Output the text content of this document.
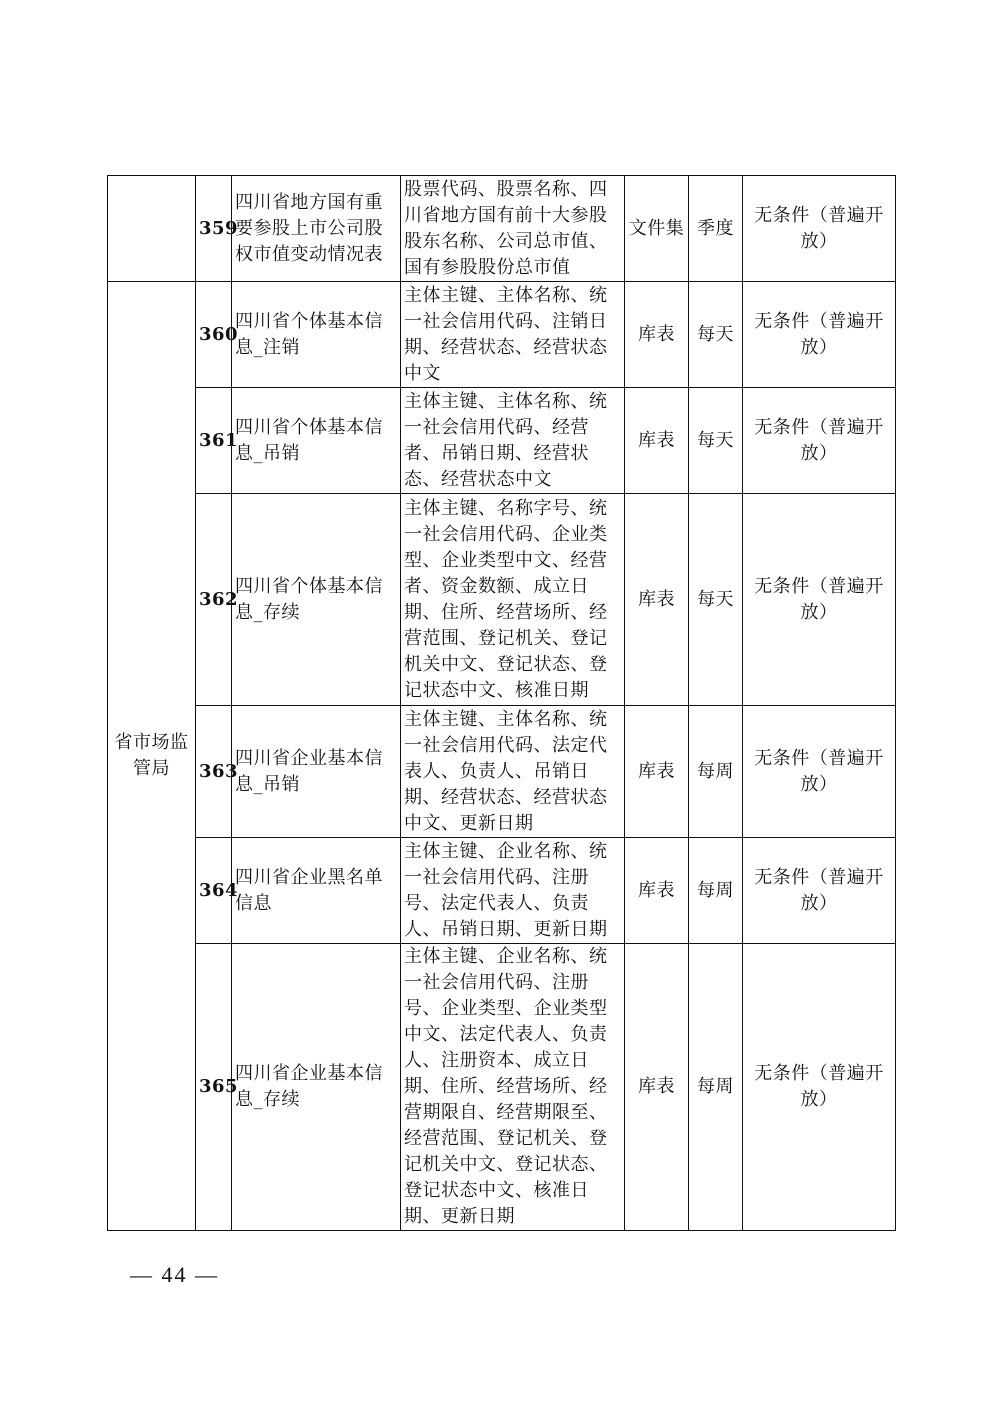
	359	四川省地方国有重要参股上市公司股权市值变动情况表	股票代码、股票名称、四川省地方国有前十大参股股东名称、公司总市值、国有参股股份总市值	文件集	季度	无条件（普遍开放）
省市场监管局	360	四川省个体基本信息_注销	主体主键、主体名称、统一社会信用代码、注销日期、经营状态、经营状态中文	库表	每天	无条件（普遍开放）
	361	四川省个体基本信息_吊销	主体主键、主体名称、统一社会信用代码、经营者、吊销日期、经营状态、经营状态中文	库表	每天	无条件（普遍开放）
	362	四川省个体基本信息_存续	主体主键、名称字号、统一社会信用代码、企业类型、企业类型中文、经营者、资金数额、成立日期、住所、经营场所、经营范围、登记机关、登记机关中文、登记状态、登记状态中文、核准日期	库表	每天	无条件（普遍开放）
	363	四川省企业基本信息_吊销	主体主键、主体名称、统一社会信用代码、法定代表人、负责人、吊销日期、经营状态、经营状态中文、更新日期	库表	每周	无条件（普遍开放）
	364	四川省企业黑名单信息	主体主键、企业名称、统一社会信用代码、注册号、法定代表人、负责人、吊销日期、更新日期	库表	每周	无条件（普遍开放）
	365	四川省企业基本信息_存续	主体主键、企业名称、统一社会信用代码、注册号、企业类型、企业类型中文、法定代表人、负责人、注册资本、成立日期、住所、经营场所、经营期限自、经营期限至、经营范围、登记机关、登记机关中文、登记状态、登记状态中文、核准日期、更新日期	库表	每周	无条件（普遍开放）
— 44 —
